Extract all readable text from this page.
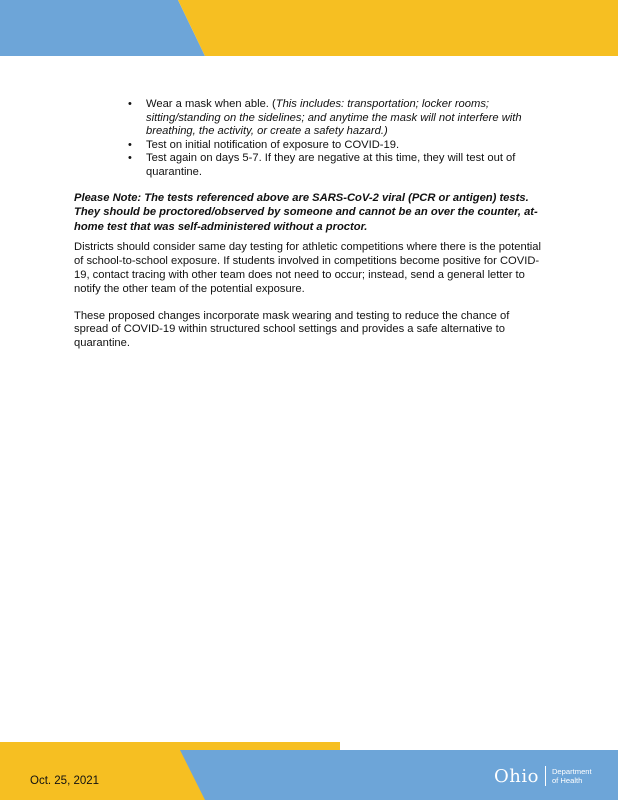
• Wear a mask when able. (This includes: transportation; locker rooms; sitting/standing on the sidelines; and anytime the mask will not interfere with breathing, the activity, or create a safety hazard.)
• Test on initial notification of exposure to COVID-19.
• Test again on days 5-7. If they are negative at this time, they will test out of quarantine.
Please Note: The tests referenced above are SARS-CoV-2 viral (PCR or antigen) tests. They should be proctored/observed by someone and cannot be an over the counter, at-home test that was self-administered without a proctor.
Districts should consider same day testing for athletic competitions where there is the potential of school-to-school exposure. If students involved in competitions become positive for COVID-19, contact tracing with other team does not need to occur; instead, send a general letter to notify the other team of the potential exposure.
These proposed changes incorporate mask wearing and testing to reduce the chance of spread of COVID-19 within structured school settings and provides a safe alternative to quarantine.
Oct. 25, 2021	Ohio Department
of Health
